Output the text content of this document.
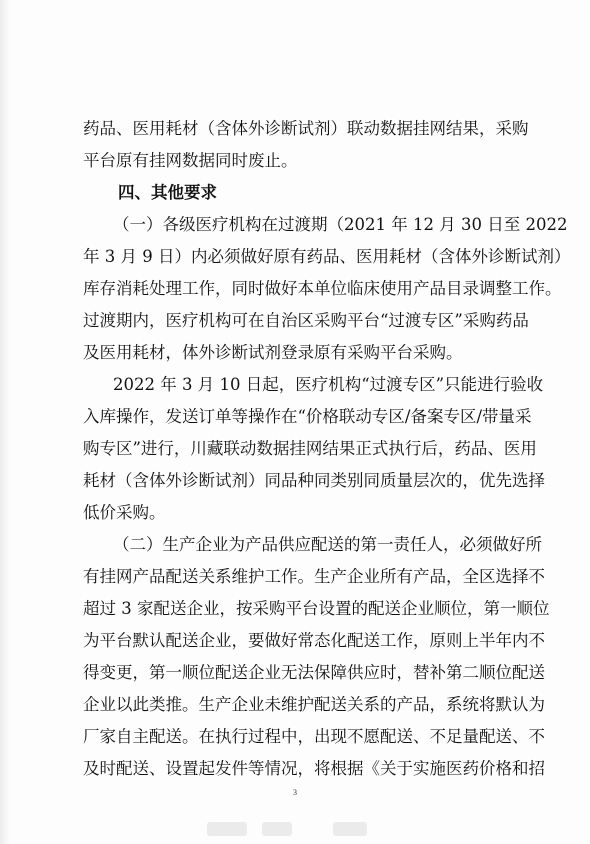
药品、医用耗材（含体外诊断试剂）联动数据挂网结果，采购
平台原有挂网数据同时废止。
四、其他要求
（一）各级医疗机构在过渡期（2021 年 12 月 30 日至 2022
年 3 月 9 日）内必须做好原有药品、医用耗材（含体外诊断试剂）
库存消耗处理工作，同时做好本单位临床使用产品目录调整工作。
过渡期内，医疗机构可在自治区采购平台“过渡专区”采购药品
及医用耗材，体外诊断试剂登录原有采购平台采购。
2022 年 3 月 10 日起，医疗机构“过渡专区”只能进行验收
入库操作，发送订单等操作在“价格联动专区/备案专区/带量采
购专区”进行，川藏联动数据挂网结果正式执行后，药品、医用
耗材（含体外诊断试剂）同品种同类别同质量层次的，优先选择
低价采购。
（二）生产企业为产品供应配送的第一责任人，必须做好所
有挂网产品配送关系维护工作。生产企业所有产品，全区选择不
超过 3 家配送企业，按采购平台设置的配送企业顺位，第一顺位
为平台默认配送企业，要做好常态化配送工作，原则上半年内不
得变更，第一顺位配送企业无法保障供应时，替补第二顺位配送
企业以此类推。生产企业未维护配送关系的产品，系统将默认为
厂家自主配送。在执行过程中，出现不愿配送、不足量配送、不
及时配送、设置起发件等情况，将根据《关于实施医药价格和招
3
